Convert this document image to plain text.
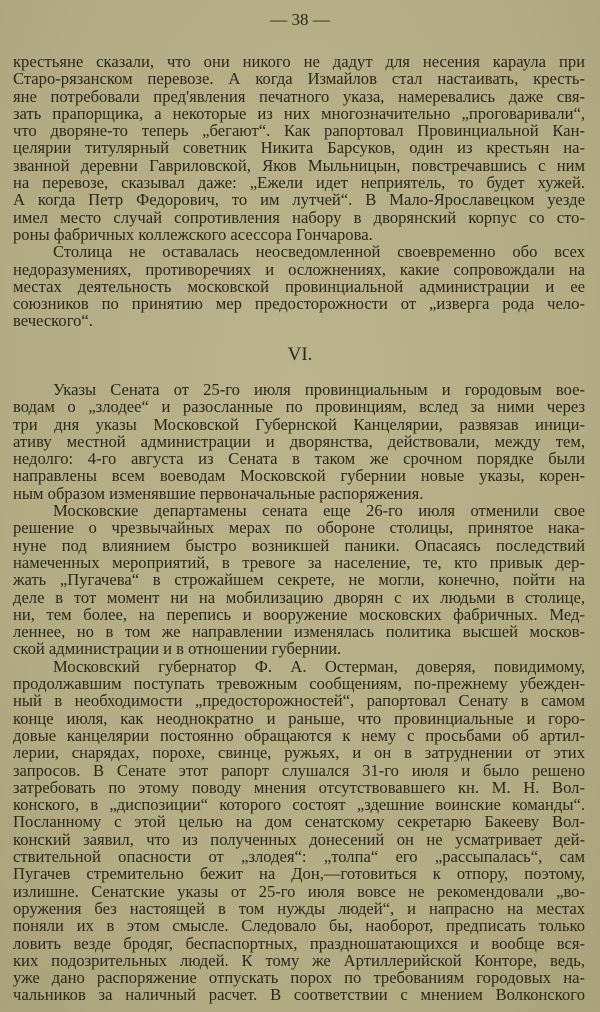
— 38 —
крестьяне сказали, что они никого не дадут для несения караула при
Старо-рязанском перевозе. А когда Измайлов стал настаивать, кресть-
яне потребовали пред'явления печатного указа, намеревались даже свя-
зать прапорщика, а некоторые из них многозначительно „проговаривали“,
что дворяне-то теперь „бегают“. Как рапортовал Провинциальной Кан-
целярии титулярный советник Никита Барсуков, один из крестьян на-
званной деревни Гавриловской, Яков Мыльницын, повстречавшись с ним
на перевозе, сказывал даже: „Ежели идет неприятель, то будет хужей.
А когда Петр Федорович, то им лутчей“. В Мало-Ярославецком уезде
имел место случай сопротивления набору в дворянский корпус со сто-
роны фабричных коллежского асессора Гончарова.
Столица не оставалась неосведомленной своевременно обо всех
недоразумениях, противоречиях и осложнениях, какие сопровождали на
местах деятельность московской провинциальной администрации и ее
союзников по принятию мер предосторожности от „изверга рода чело-
веческого“.
VI.
Указы Сената от 25-го июля провинциальным и городовым вое-
водам о „злодее“ и разосланные по провинциям, вслед за ними через
три дня указы Московской Губернской Канцелярии, развязав иници-
ативу местной администрации и дворянства, действовали, между тем,
недолго: 4-го августа из Сената в таком же срочном порядке были
направлены всем воеводам Московской губернии новые указы, корен-
ным образом изменявшие первоначальные распоряжения.
Московские департамены сената еще 26-го июля отменили свое
решение о чрезвычайных мерах по обороне столицы, принятое нака-
нуне под влиянием быстро возникшей паники. Опасаясь последствий
намеченных мероприятий, в тревоге за население, те, кто привык дер-
жать „Пугачева“ в строжайшем секрете, не могли, конечно, пойти на
деле в тот момент ни на мобилизацию дворян с их людьми в столице,
ни, тем более, на перепись и вооружение московских фабричных. Мед-
леннее, но в том же направлении изменялась политика высшей москов-
ской администрации и в отношении губернии.
Московский губернатор Ф. А. Остерман, доверяя, повидимому,
продолжавшим поступать тревожным сообщениям, по-прежнему убежден-
ный в необходимости „предосторожностей“, рапортовал Сенату в самом
конце июля, как неоднократно и раньше, что провинциальные и горо-
довые канцелярии постоянно обращаются к нему с просьбами об артил-
лерии, снарядах, порохе, свинце, ружьях, и он в затруднении от этих
запросов. В Сенате этот рапорт слушался 31-го июля и было решено
затребовать по этому поводу мнения отсутствовавшего кн. М. Н. Вол-
конского, в „диспозиции“ которого состоят „здешние воинские команды“.
Посланному с этой целью на дом сенатскому секретарю Бакееву Вол-
конский заявил, что из полученных донесений он не усматривает дей-
ствительной опасности от „злодея“: „толпа“ его „рассыпалась“, сам
Пугачев стремительно бежит на Дон,—готовиться к отпору, поэтому,
излишне. Сенатские указы от 25-го июля вовсе не рекомендовали „во-
оружения без настоящей в том нужды людей“, и напрасно на местах
поняли их в этом смысле. Следовало бы, наоборот, предписать только
ловить везде бродяг, беспаспортных, праздношатающихся и вообще вся-
ких подозрительных людей. К тому же Артиллерийской Конторе, ведь,
уже дано распоряжение отпускать порох по требованиям городовых на-
чальников за наличный расчет. В соответствии с мнением Волконского
